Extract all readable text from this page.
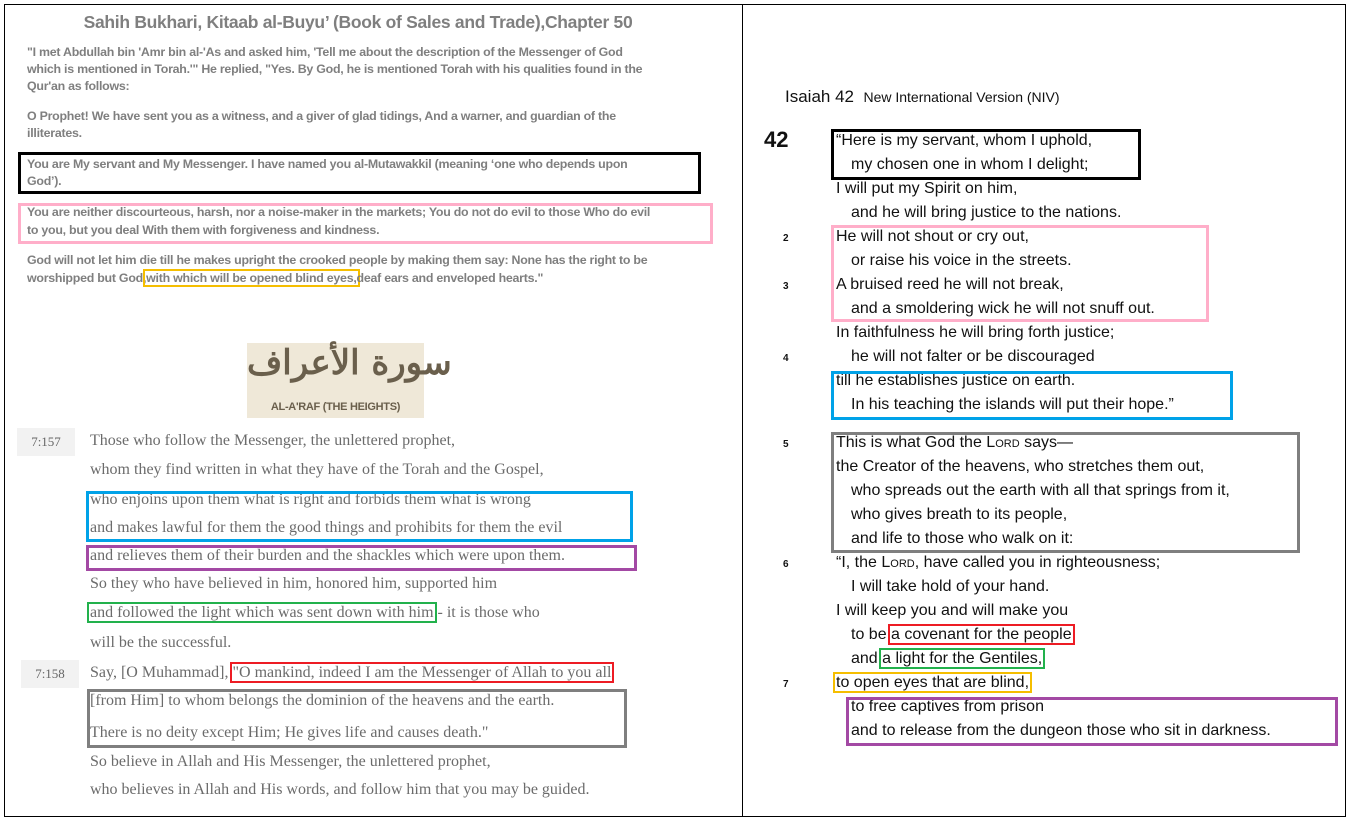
Sahih Bukhari, Kitaab al-Buyu’ (Book of Sales and Trade),Chapter 50
"I met Abdullah bin 'Amr bin al-'As and asked him, 'Tell me about the description of the Messenger of God
which is mentioned in Torah.'" He replied, "Yes. By God, he is mentioned Torah with his qualities found in the
Qur'an as follows:
O Prophet! We have sent you as a witness, and a giver of glad tidings, And a warner, and guardian of the
illiterates.
You are My servant and My Messenger. I have named you al-Mutawakkil (meaning ‘one who depends upon
God’).
You are neither discourteous, harsh, nor a noise-maker in the markets; You do not do evil to those Who do evil
to you, but you deal With them with forgiveness and kindness.
God will not let him die till he makes upright the crooked people by making them say: None has the right to be
worshipped but God,with which will be opened blind eyes,deaf ears and enveloped hearts."
سورة الأعراف
AL-A'RAF (THE HEIGHTS)
Those who follow the Messenger, the unlettered prophet,
whom they find written in what they have of the Torah and the Gospel,
who enjoins upon them what is right and forbids them what is wrong
and makes lawful for them the good things and prohibits for them the evil
and relieves them of their burden and the shackles which were upon them.
So they who have believed in him, honored him, supported him
and followed the light which was sent down with him - it is those who
will be the successful.
Say, [O Muhammad], "O mankind, indeed I am the Messenger of Allah to you all
[from Him] to whom belongs the dominion of the heavens and the earth.
There is no deity except Him; He gives life and causes death."
So believe in Allah and His Messenger, the unlettered prophet,
who believes in Allah and His words, and follow him that you may be guided.
7:157
7:158
Isaiah 42 New International Version (NIV)
42	“Here is my servant, whom I uphold,
my chosen one in whom I delight;
I will put my Spirit on him,
and he will bring justice to the nations.
He will not shout or cry out,
2
or raise his voice in the streets.
A bruised reed he will not break,
3
and a smoldering wick he will not snuff out.
In faithfulness he will bring forth justice;
he will not falter or be discouraged
4
till he establishes justice on earth.
In his teaching the islands will put their hope.”
This is what God the Lord says—
5
the Creator of the heavens, who stretches them out,
who spreads out the earth with all that springs from it,
who gives breath to its people,
and life to those who walk on it:
“I, the Lord, have called you in righteousness;
6
I will take hold of your hand.
I will keep you and will make you
to be a covenant for the people
and a light for the Gentiles,
to open eyes that are blind,
7
to free captives from prison
and to release from the dungeon those who sit in darkness.
